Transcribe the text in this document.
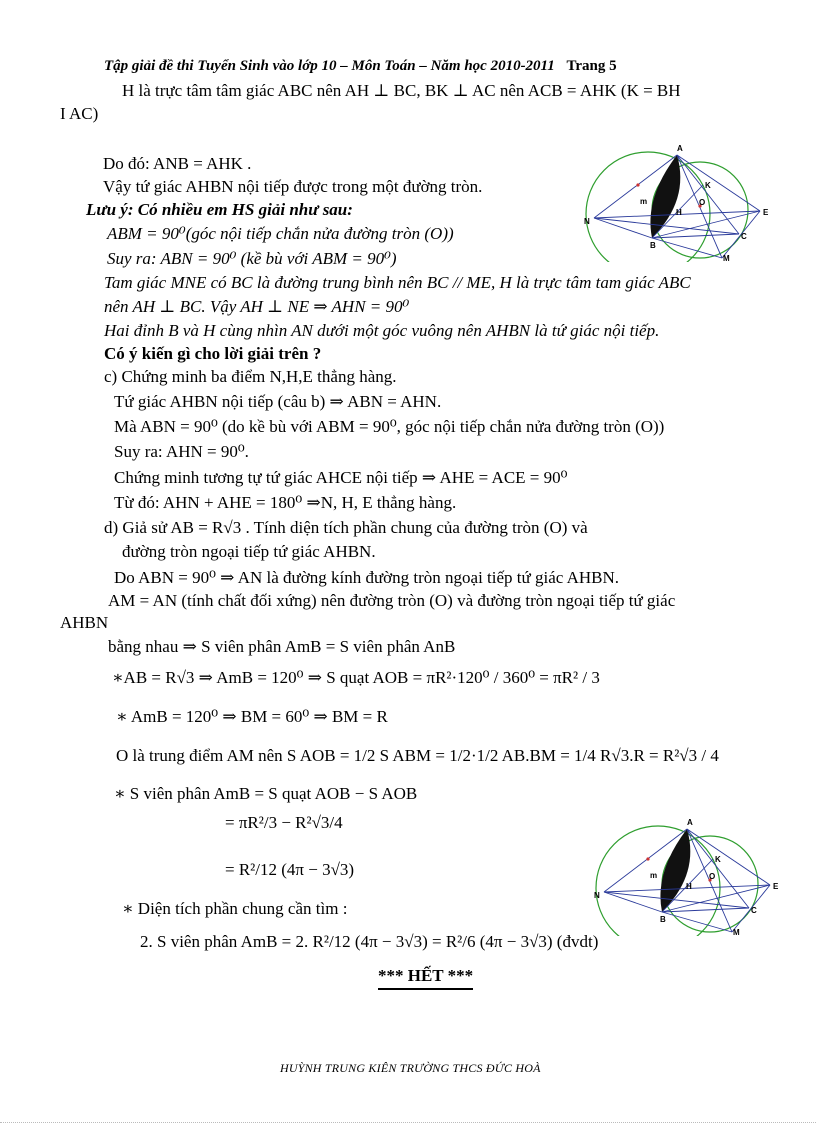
Tập giải đề thi Tuyển Sinh vào lớp 10 – Môn Toán – Năm học 2010-2011 Trang 5
H là trực tâm tâm giác ABC nên AH ⊥ BC, BK ⊥ AC nên ACB = AHK (K = BH
I AC)
Do đó: ANB = AHK .
Vậy tứ giác AHBN nội tiếp được trong một đường tròn.
Lưu ý: Có nhiều em HS giải như sau:
ABM = 90⁰(góc nội tiếp chắn nửa đường tròn (O))
Suy ra: ABN = 90⁰ (kề bù với ABM = 90⁰)
Tam giác MNE có BC là đường trung bình nên BC // ME, H là trực tâm tam giác ABC
nên AH ⊥ BC. Vậy AH ⊥ NE ⇒ AHN = 90⁰
Hai đỉnh B và H cùng nhìn AN dưới một góc vuông nên AHBN là tứ giác nội tiếp.
Có ý kiến gì cho lời giải trên ?
c) Chứng minh ba điểm N,H,E thẳng hàng.
Tứ giác AHBN nội tiếp (câu b) ⇒ ABN = AHN.
Mà ABN = 90⁰ (do kề bù với ABM = 90⁰, góc nội tiếp chắn nửa đường tròn (O))
Suy ra: AHN = 90⁰.
Chứng minh tương tự tứ giác AHCE nội tiếp ⇒ AHE = ACE = 90⁰
Từ đó: AHN + AHE = 180⁰ ⇒N, H, E thẳng hàng.
d) Giả sử AB = R√3 . Tính diện tích phần chung của đường tròn (O) và
đường tròn ngoại tiếp tứ giác AHBN.
Do ABN = 90⁰ ⇒ AN là đường kính đường tròn ngoại tiếp tứ giác AHBN.
AM = AN (tính chất đối xứng) nên đường tròn (O) và đường tròn ngoại tiếp tứ giác
AHBN
bằng nhau ⇒ S viên phân AmB = S viên phân AnB
∗AB = R√3 ⇒ AmB = 120⁰ ⇒ S quạt AOB = πR²·120⁰ / 360⁰ = πR² / 3
∗ AmB = 120⁰ ⇒ BM = 60⁰ ⇒ BM = R
O là trung điểm AM nên S AOB = 1/2 S ABM = 1/2·1/2 AB.BM = 1/4 R√3.R = R²√3 / 4
∗ S viên phân AmB = S quạt AOB − S AOB
= πR²/3 − R²√3/4
= R²/12 (4π − 3√3)
∗ Diện tích phần chung cần tìm :
2. S viên phân AmB = 2. R²/12 (4π − 3√3) = R²/6 (4π − 3√3) (đvdt)
*** HẾT ***
HUỲNH TRUNG KIÊN TRƯỜNG THCS ĐỨC HOÀ
A
K
m	O
E
N
H
B
C
M
A
K
m	O
E
N
H
B
C
M
